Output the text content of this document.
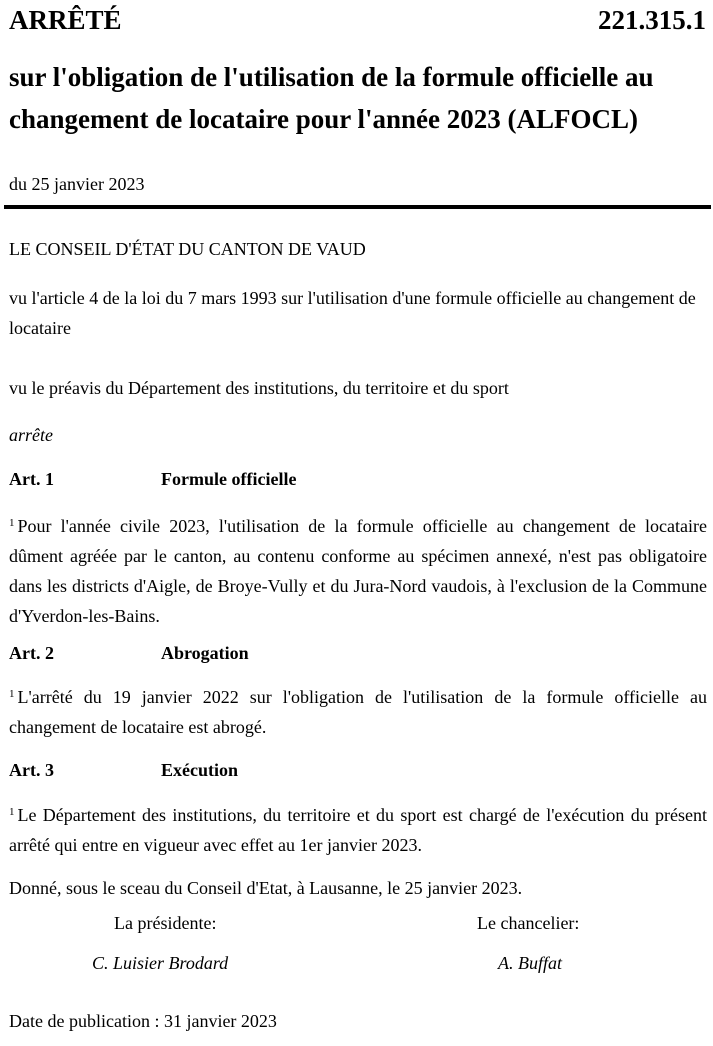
ARRÊTÉ	221.315.1
sur l'obligation de l'utilisation de la formule officielle au
changement de locataire pour l'année 2023 (ALFOCL)
du 25 janvier 2023
LE CONSEIL D'ÉTAT DU CANTON DE VAUD
vu l'article 4 de la loi du 7 mars 1993 sur l'utilisation d'une formule officielle au changement de locataire
vu le préavis du Département des institutions, du territoire et du sport
arrête
Art. 1	Formule officielle
$^1$ Pour l'année civile 2023, l'utilisation de la formule officielle au changement de locataire dûment agréée par le canton, au contenu conforme au spécimen annexé, n'est pas obligatoire dans les districts d'Aigle, de Broye-Vully et du Jura-Nord vaudois, à l'exclusion de la Commune d'Yverdon-les-Bains.
Art. 2	Abrogation
$^1$ L'arrêté du 19 janvier 2022 sur l'obligation de l'utilisation de la formule officielle au changement de locataire est abrogé.
Art. 3	Exécution
$^1$ Le Département des institutions, du territoire et du sport est chargé de l'exécution du présent arrêté qui entre en vigueur avec effet au 1er janvier 2023.
Donné, sous le sceau du Conseil d'Etat, à Lausanne, le 25 janvier 2023.
La présidente:	Le chancelier:
C. Luisier Brodard	A. Buffat
Date de publication : 31 janvier 2023
